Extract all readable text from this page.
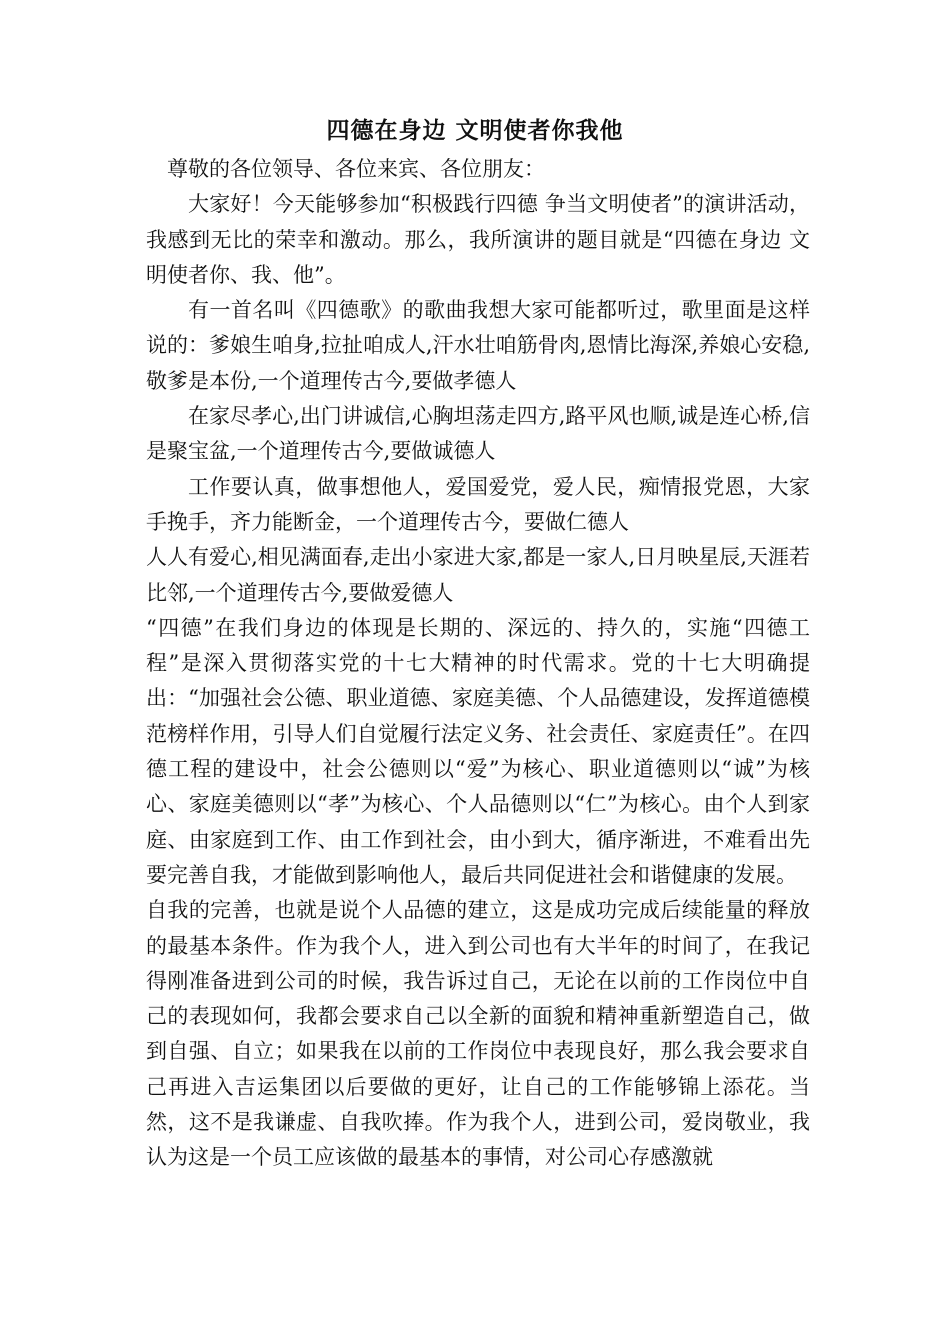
四德在身边 文明使者你我他

尊敬的各位领导、各位来宾、各位朋友：

大家好！今天能够参加“积极践行四德 争当文明使者”的演讲活动，我感到无比的荣幸和激动。那么，我所演讲的题目就是“四德在身边 文明使者你、我、他”。

有一首名叫《四德歌》的歌曲我想大家可能都听过，歌里面是这样说的：爹娘生咱身,拉扯咱成人,汗水壮咱筋骨肉,恩情比海深,养娘心安稳,敬爹是本份,一个道理传古今,要做孝德人

在家尽孝心,出门讲诚信,心胸坦荡走四方,路平风也顺,诚是连心桥,信是聚宝盆,一个道理传古今,要做诚德人

工作要认真，做事想他人，爱国爱党，爱人民，痴情报党恩，大家手挽手，齐力能断金，一个道理传古今，要做仁德人

人人有爱心,相见满面春,走出小家进大家,都是一家人,日月映星辰,天涯若比邻,一个道理传古今,要做爱德人

“四德”在我们身边的体现是长期的、深远的、持久的，实施“四德工程”是深入贯彻落实党的十七大精神的时代需求。党的十七大明确提出：“加强社会公德、职业道德、家庭美德、个人品德建设，发挥道德模范榜样作用，引导人们自觉履行法定义务、社会责任、家庭责任”。在四德工程的建设中，社会公德则以“爱”为核心、职业道德则以“诚”为核心、家庭美德则以“孝”为核心、个人品德则以“仁”为核心。由个人到家庭、由家庭到工作、由工作到社会，由小到大，循序渐进，不难看出先要完善自我，才能做到影响他人，最后共同促进社会和谐健康的发展。

自我的完善，也就是说个人品德的建立，这是成功完成后续能量的释放的最基本条件。作为我个人，进入到公司也有大半年的时间了，在我记得刚准备进到公司的时候，我告诉过自己，无论在以前的工作岗位中自己的表现如何，我都会要求自己以全新的面貌和精神重新塑造自己，做到自强、自立；如果我在以前的工作岗位中表现良好，那么我会要求自己再进入吉运集团以后要做的更好，让自己的工作能够锦上添花。当然，这不是我谦虚、自我吹捧。作为我个人，进到公司，爱岗敬业，我认为这是一个员工应该做的最基本的事情，对公司心存感激就
